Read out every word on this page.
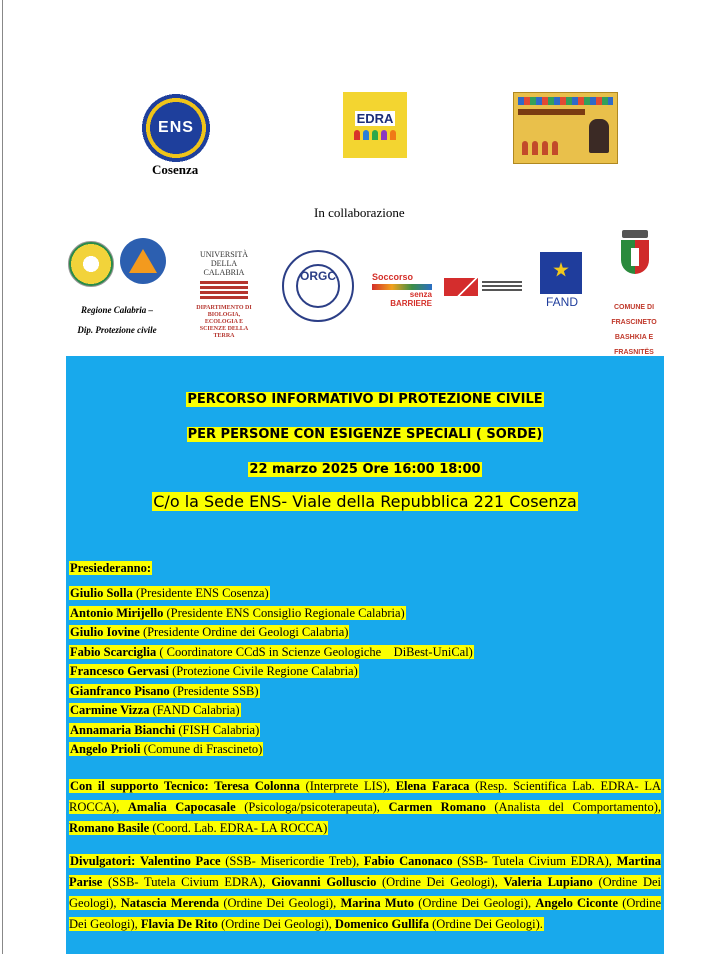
ENS
Cosenza
EDRA
In collaborazione
Regione Calabria –
Dip. Protezione civile
UNIVERSITÀ DELLA CALABRIA
DIPARTIMENTO DI BIOLOGIA, ECOLOGIA E SCIENZE DELLA TERRA
ORGC	Soccorso
senza BARRIERE	FAND	COMUNE DI
FRASCINETO
BASHKIA E
FRASNITËS
PERCORSO INFORMATIVO DI PROTEZIONE CIVILE
PER PERSONE CON ESIGENZE SPECIALI ( SORDE)
22 marzo 2025 Ore 16:00 18:00
C/o la Sede ENS- Viale della Repubblica 221 Cosenza
Presiederanno:
Giulio Solla (Presidente ENS Cosenza)
Antonio Mirijello (Presidente ENS Consiglio Regionale Calabria)
Giulio Iovine (Presidente Ordine dei Geologi Calabria)
Fabio Scarciglia ( Coordinatore CCdS in Scienze Geologiche    DiBest-UniCal)
Francesco Gervasi (Protezione Civile Regione Calabria)
Gianfranco Pisano (Presidente SSB)
Carmine Vizza (FAND Calabria)
Annamaria Bianchi (FISH Calabria)
Angelo Prioli (Comune di Frascineto)
Con il supporto Tecnico: Teresa Colonna (Interprete LIS), Elena Faraca (Resp. Scientifica Lab. EDRA- LA ROCCA), Amalia Capocasale (Psicologa/psicoterapeuta), Carmen Romano (Analista del Comportamento), Romano Basile (Coord. Lab. EDRA- LA ROCCA)
Divulgatori: Valentino Pace (SSB- Misericordie Treb), Fabio Canonaco (SSB- Tutela Civium EDRA), Martina Parise (SSB- Tutela Civium EDRA), Giovanni Golluscio (Ordine Dei Geologi), Valeria Lupiano (Ordine Dei Geologi), Natascia Merenda (Ordine Dei Geologi), Marina Muto (Ordine Dei Geologi), Angelo Ciconte (Ordine Dei Geologi), Flavia De Rito (Ordine Dei Geologi), Domenico Gullifa (Ordine Dei Geologi).
